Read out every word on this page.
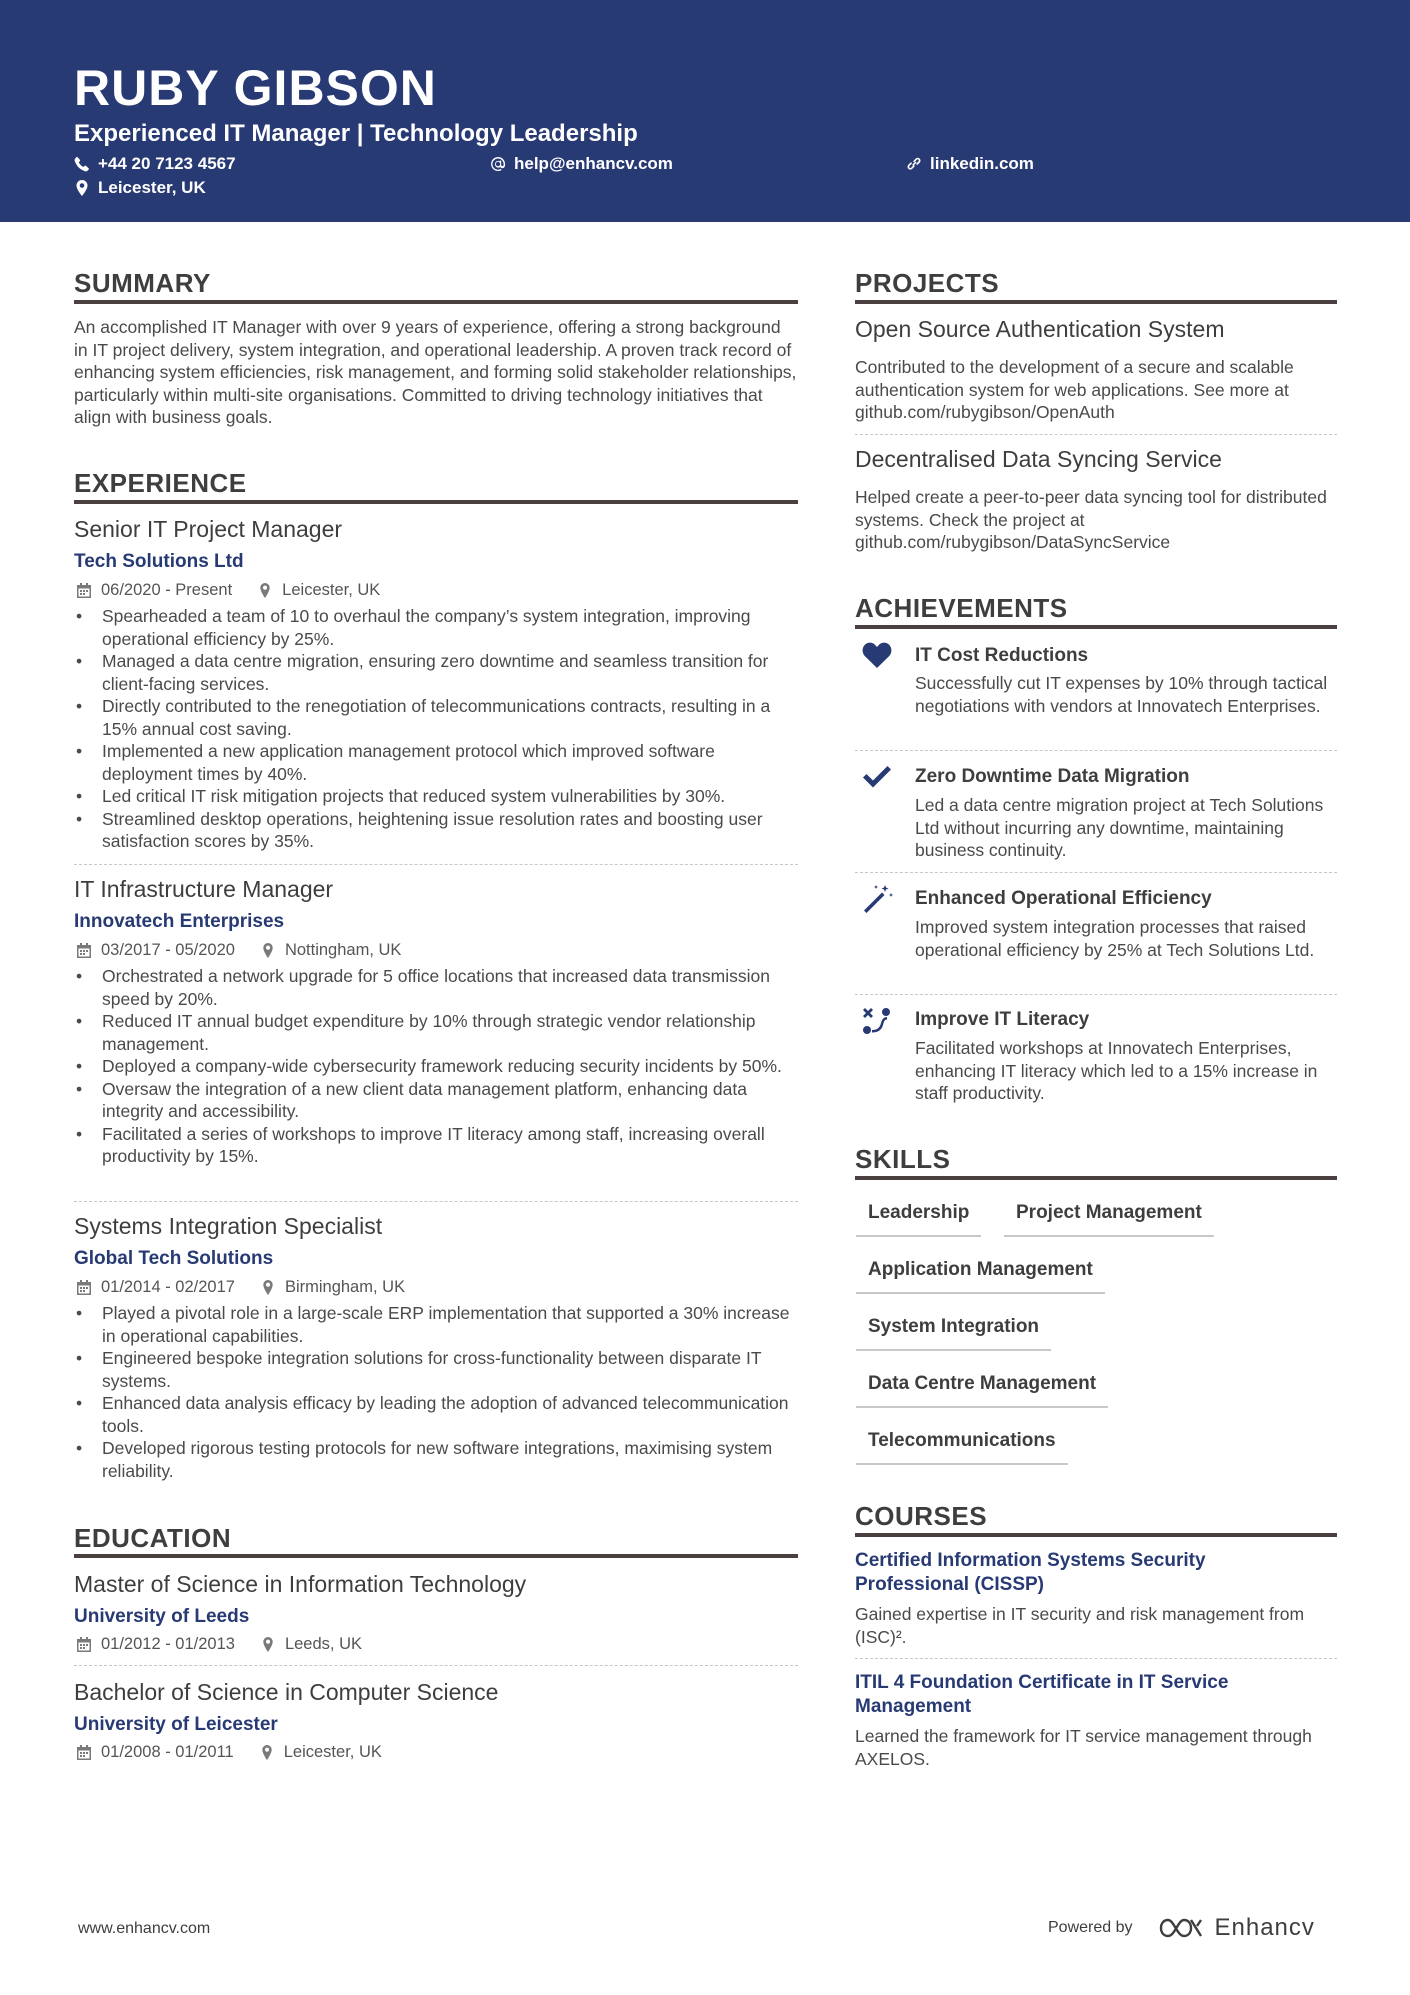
RUBY GIBSON
Experienced IT Manager | Technology Leadership
+44 20 7123 4567	help@enhancv.com	linkedin.com
Leicester, UK
SUMMARY
An accomplished IT Manager with over 9 years of experience, offering a strong background in IT project delivery, system integration, and operational leadership. A proven track record of enhancing system efficiencies, risk management, and forming solid stakeholder relationships, particularly within multi-site organisations. Committed to driving technology initiatives that align with business goals.
EXPERIENCE
Senior IT Project Manager
Tech Solutions Ltd
06/2020 - Present	Leicester, UK
• Spearheaded a team of 10 to overhaul the company’s system integration, improving operational efficiency by 25%.
• Managed a data centre migration, ensuring zero downtime and seamless transition for client-facing services.
• Directly contributed to the renegotiation of telecommunications contracts, resulting in a 15% annual cost saving.
• Implemented a new application management protocol which improved software deployment times by 40%.
• Led critical IT risk mitigation projects that reduced system vulnerabilities by 30%.
• Streamlined desktop operations, heightening issue resolution rates and boosting user satisfaction scores by 35%.
IT Infrastructure Manager
Innovatech Enterprises
03/2017 - 05/2020	Nottingham, UK
• Orchestrated a network upgrade for 5 office locations that increased data transmission speed by 20%.
• Reduced IT annual budget expenditure by 10% through strategic vendor relationship management.
• Deployed a company-wide cybersecurity framework reducing security incidents by 50%.
• Oversaw the integration of a new client data management platform, enhancing data integrity and accessibility.
• Facilitated a series of workshops to improve IT literacy among staff, increasing overall productivity by 15%.
Systems Integration Specialist
Global Tech Solutions
01/2014 - 02/2017	Birmingham, UK
• Played a pivotal role in a large-scale ERP implementation that supported a 30% increase in operational capabilities.
• Engineered bespoke integration solutions for cross-functionality between disparate IT systems.
• Enhanced data analysis efficacy by leading the adoption of advanced telecommunication tools.
• Developed rigorous testing protocols for new software integrations, maximising system reliability.
EDUCATION
Master of Science in Information Technology
University of Leeds
01/2012 - 01/2013	Leeds, UK
Bachelor of Science in Computer Science
University of Leicester
01/2008 - 01/2011	Leicester, UK
PROJECTS
Open Source Authentication System
Contributed to the development of a secure and scalable authentication system for web applications. See more at github.com/rubygibson/OpenAuth
Decentralised Data Syncing Service
Helped create a peer-to-peer data syncing tool for distributed systems. Check the project at github.com/rubygibson/DataSyncService
ACHIEVEMENTS
IT Cost Reductions
Successfully cut IT expenses by 10% through tactical negotiations with vendors at Innovatech Enterprises.
Zero Downtime Data Migration
Led a data centre migration project at Tech Solutions Ltd without incurring any downtime, maintaining business continuity.
Enhanced Operational Efficiency
Improved system integration processes that raised operational efficiency by 25% at Tech Solutions Ltd.
Improve IT Literacy
Facilitated workshops at Innovatech Enterprises, enhancing IT literacy which led to a 15% increase in staff productivity.
SKILLS
Leadership	Project Management
Application Management
System Integration
Data Centre Management
Telecommunications
COURSES
Certified Information Systems Security Professional (CISSP)
Gained expertise in IT security and risk management from (ISC)².
ITIL 4 Foundation Certificate in IT Service Management
Learned the framework for IT service management through AXELOS.
www.enhancv.com	Powered by	Enhancv
